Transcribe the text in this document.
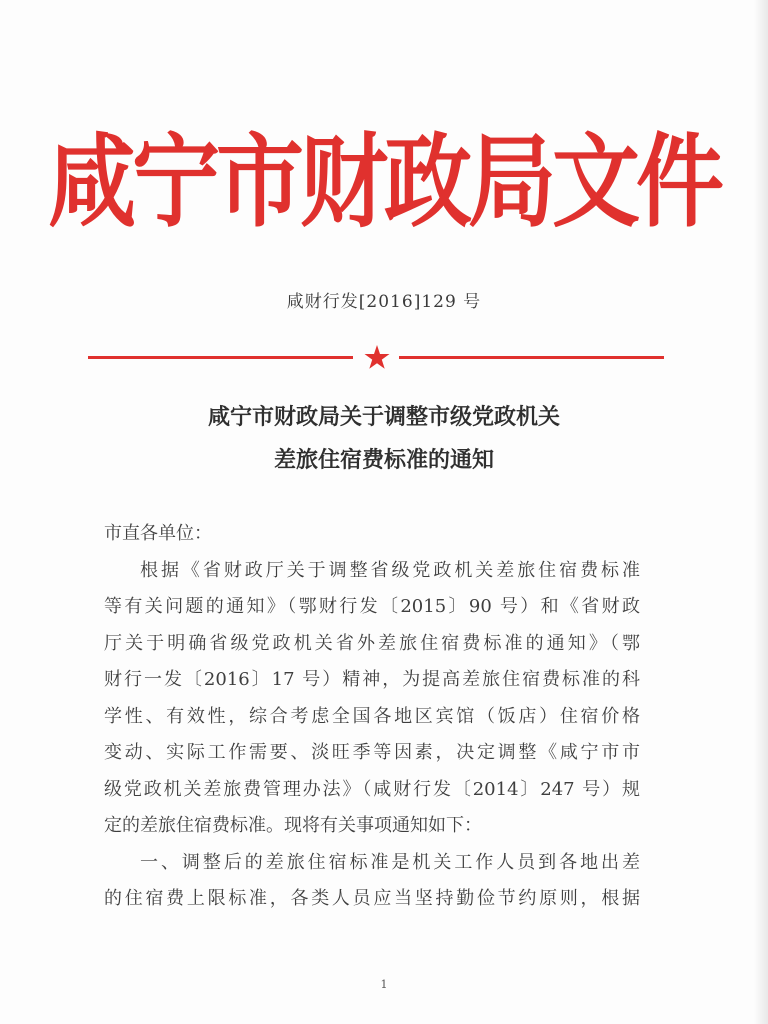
咸宁市财政局文件
咸财行发[2016]129 号
咸宁市财政局关于调整市级党政机关
差旅住宿费标准的通知
市直各单位：
根据《省财政厅关于调整省级党政机关差旅住宿费标准
等有关问题的通知》（鄂财行发〔2015〕90 号）和《省财政
厅关于明确省级党政机关省外差旅住宿费标准的通知》（鄂
财行一发〔2016〕17 号）精神，为提高差旅住宿费标准的科
学性、有效性，综合考虑全国各地区宾馆（饭店）住宿价格
变动、实际工作需要、淡旺季等因素，决定调整《咸宁市市
级党政机关差旅费管理办法》（咸财行发〔2014〕247 号）规
定的差旅住宿费标准。现将有关事项通知如下：
一、调整后的差旅住宿标准是机关工作人员到各地出差
的住宿费上限标准，各类人员应当坚持勤俭节约原则，根据
1
